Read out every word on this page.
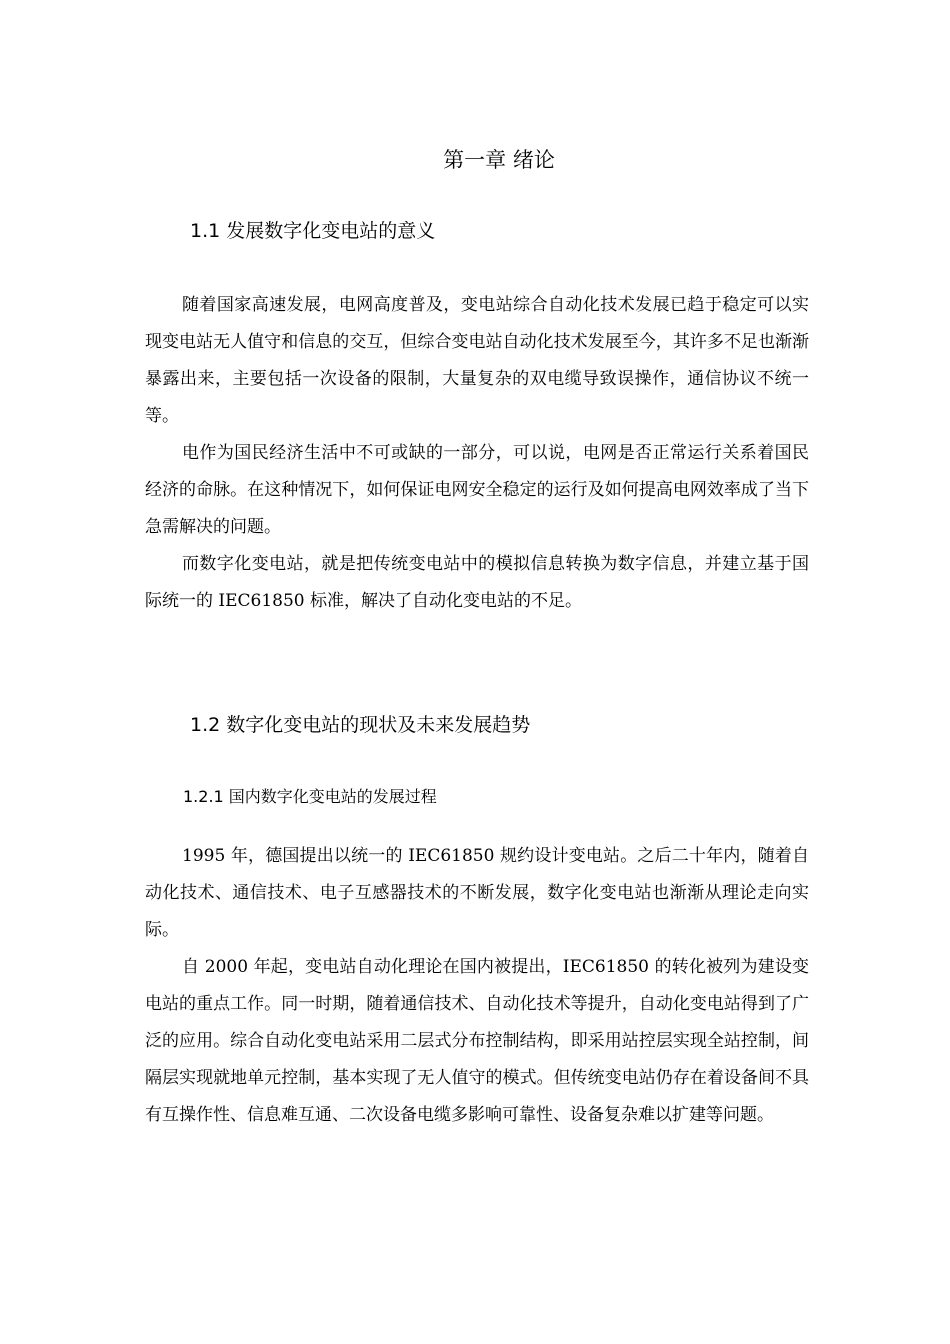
第一章 绪论
1.1 发展数字化变电站的意义

随着国家高速发展，电网高度普及，变电站综合自动化技术发展已趋于稳定可以实现变电站无人值守和信息的交互，但综合变电站自动化技术发展至今，其许多不足也渐渐暴露出来，主要包括一次设备的限制，大量复杂的双电缆导致误操作，通信协议不统一等。

电作为国民经济生活中不可或缺的一部分，可以说，电网是否正常运行关系着国民经济的命脉。在这种情况下，如何保证电网安全稳定的运行及如何提高电网效率成了当下急需解决的问题。

而数字化变电站，就是把传统变电站中的模拟信息转换为数字信息，并建立基于国际统一的 IEC61850 标准，解决了自动化变电站的不足。

1.2 数字化变电站的现状及未来发展趋势
1.2.1 国内数字化变电站的发展过程

1995 年，德国提出以统一的 IEC61850 规约设计变电站。之后二十年内，随着自动化技术、通信技术、电子互感器技术的不断发展，数字化变电站也渐渐从理论走向实际。

自 2000 年起，变电站自动化理论在国内被提出，IEC61850 的转化被列为建设变电站的重点工作。同一时期，随着通信技术、自动化技术等提升，自动化变电站得到了广泛的应用。综合自动化变电站采用二层式分布控制结构，即采用站控层实现全站控制，间隔层实现就地单元控制，基本实现了无人值守的模式。但传统变电站仍存在着设备间不具有互操作性、信息难互通、二次设备电缆多影响可靠性、设备复杂难以扩建等问题。
